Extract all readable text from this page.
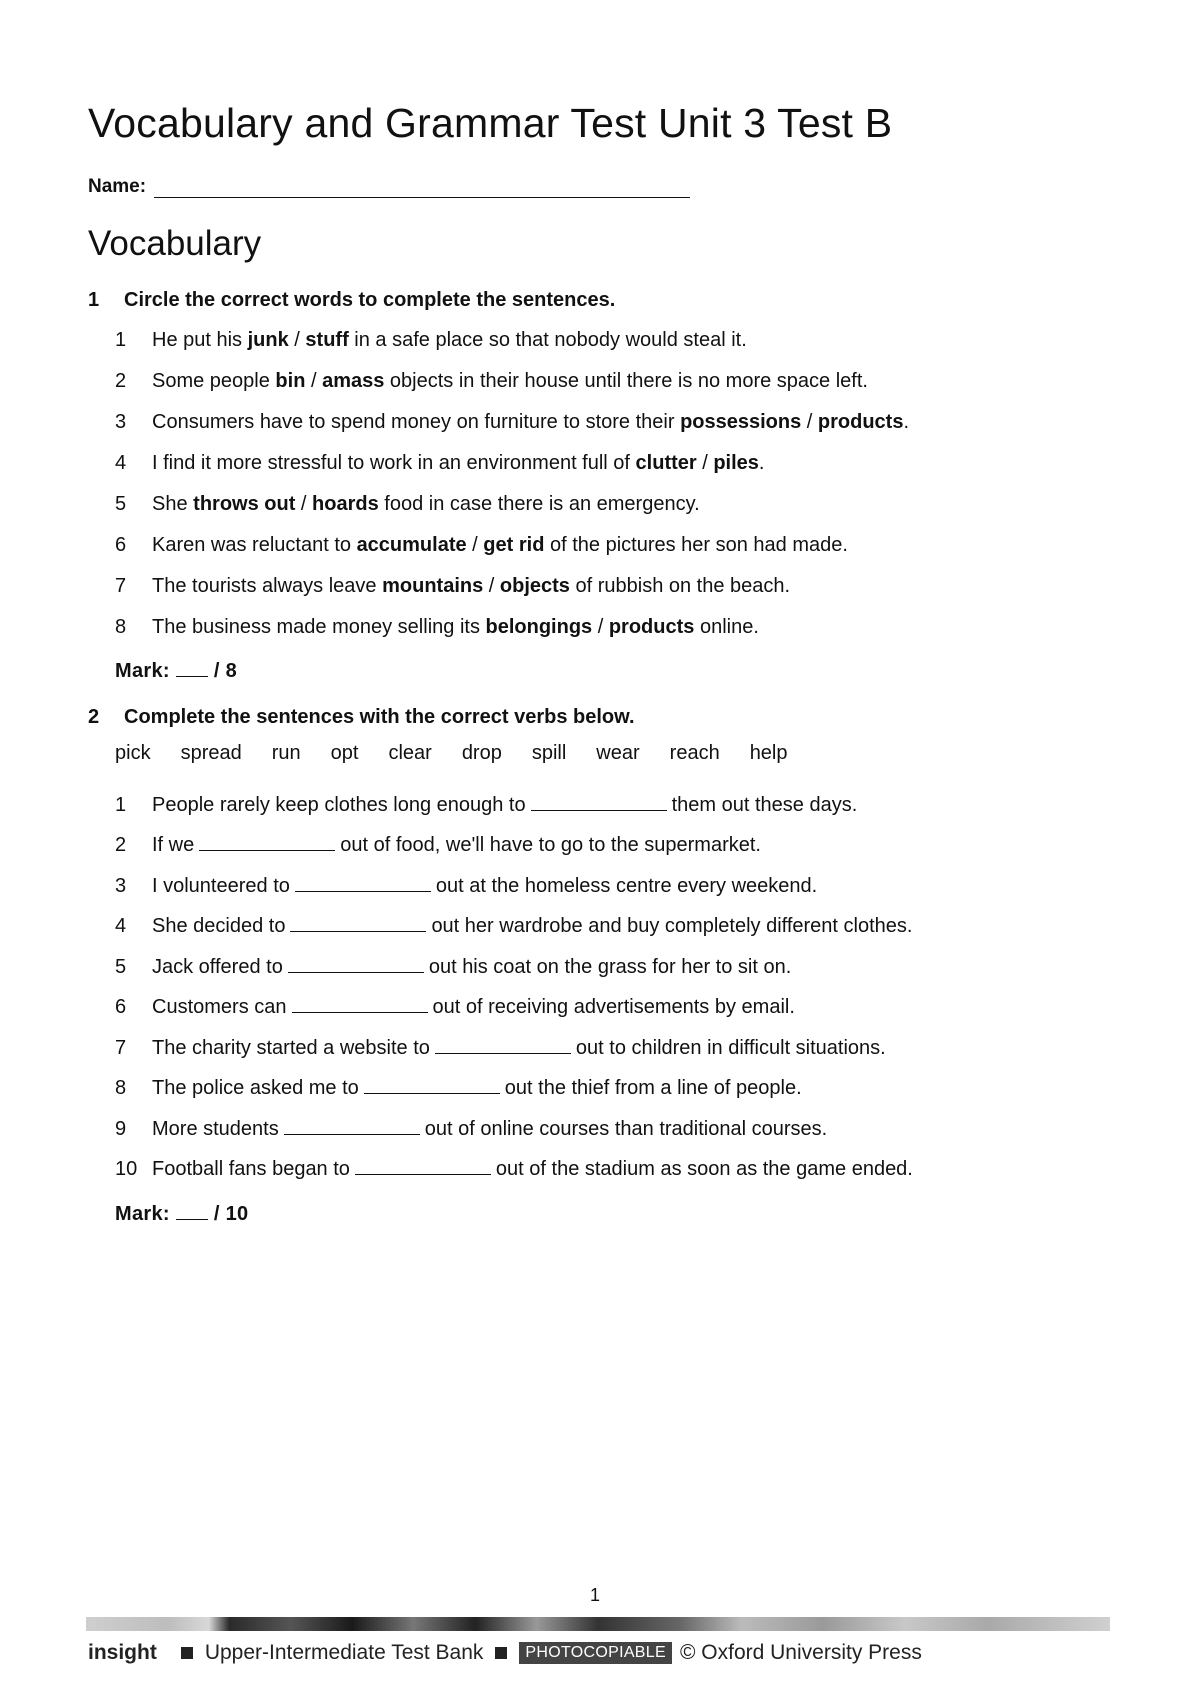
Vocabulary and Grammar Test Unit 3 Test B
Name:
Vocabulary
1	Circle the correct words to complete the sentences.
1	He put his junk / stuff in a safe place so that nobody would steal it.
2	Some people bin / amass objects in their house until there is no more space left.
3	Consumers have to spend money on furniture to store their possessions / products.
4	I find it more stressful to work in an environment full of clutter / piles.
5	She throws out / hoards food in case there is an emergency.
6	Karen was reluctant to accumulate / get rid of the pictures her son had made.
7	The tourists always leave mountains / objects of rubbish on the beach.
8	The business made money selling its belongings / products online.
Mark: / 8
2	Complete the sentences with the correct verbs below.
pick spread run opt clear drop spill wear reach help
1	People rarely keep clothes long enough to	them out these days.
2	If we	out of food, we'll have to go to the supermarket.
3	I volunteered to	out at the homeless centre every weekend.
4	She decided to	out her wardrobe and buy completely different clothes.
5	Jack offered to	out his coat on the grass for her to sit on.
6	Customers can	out of receiving advertisements by email.
7	The charity started a website to	out to children in difficult situations.
8	The police asked me to	out the thief from a line of people.
9	More students	out of online courses than traditional courses.
10 Football fans began to	out of the stadium as soon as the game ended.
Mark: / 10
1
insight Upper-Intermediate Test Bank	PHOTOCOPIABLE © Oxford University Press
